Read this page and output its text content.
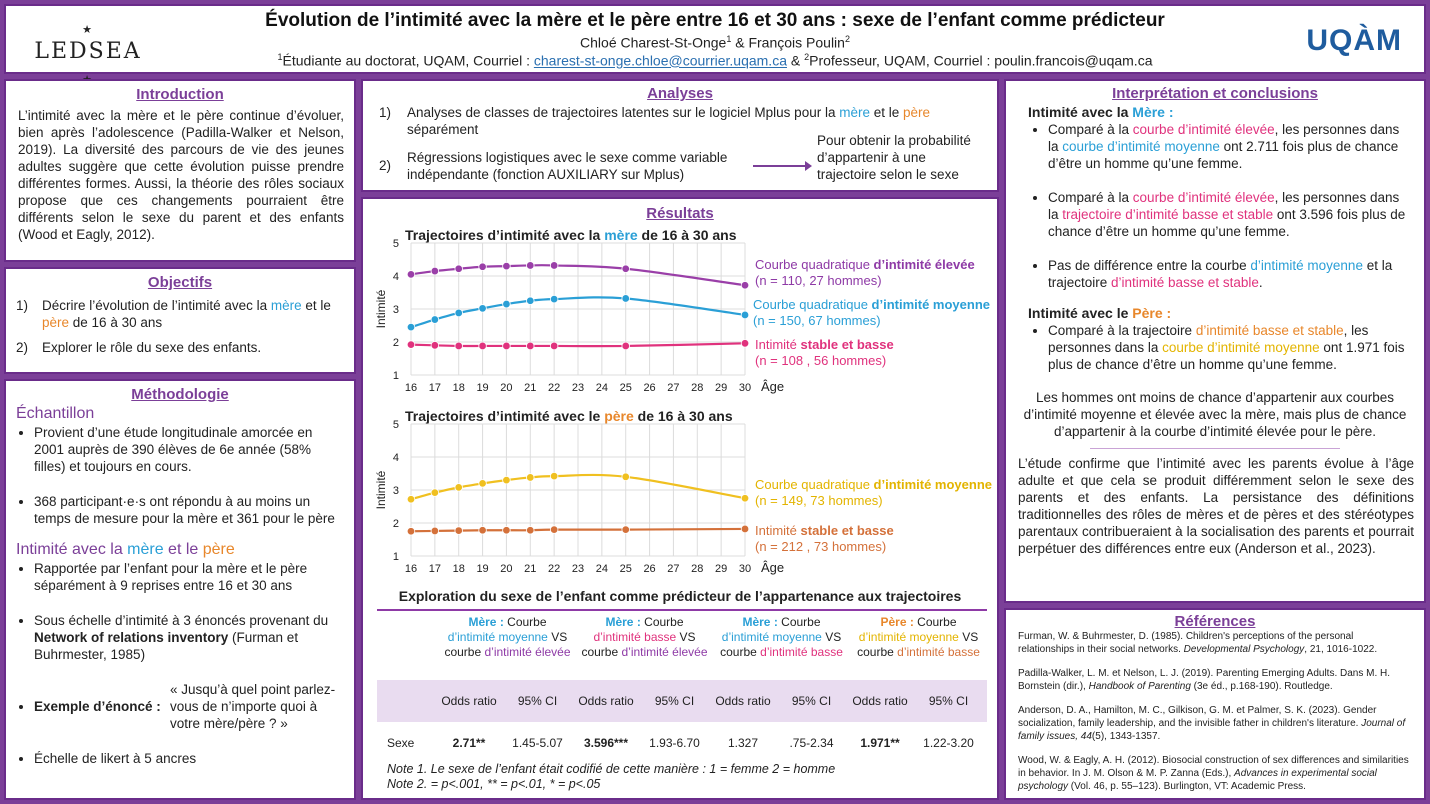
★ LEDSEA
Évolution de l’intimité avec la mère et le père entre 16 et 30 ans : sexe de l’enfant comme prédicteur
Chloé Charest-St-Onge$^1$ & François Poulin$^2$
$^1$Étudiante au doctorat, UQAM, Courriel : charest-st-onge.chloe@courrier.uqam.ca & $^2$Professeur, UQAM, Courriel : poulin.francois@uqam.ca
UQÀM
Introduction
L’intimité avec la mère et le père continue d’évoluer, bien après l’adolescence (Padilla-Walker et Nelson, 2019). La diversité des parcours de vie des jeunes adultes suggère que cette évolution puisse prendre différentes formes. Aussi, la théorie des rôles sociaux propose que ces changements pourraient être différents selon le sexe du parent et des enfants (Wood et Eagly, 2012).
Objectifs
1)	Décrire l’évolution de l’intimité avec la mère et le père de 16 à 30 ans
2)	Explorer le rôle du sexe des enfants.
Méthodologie
Échantillon
• Provient d’une étude longitudinale amorcée en 2001 auprès de 390 élèves de 6e année (58% filles) et toujours en cours.
• 368 participant·e·s ont répondu à au moins un temps de mesure pour la mère et 361 pour le père
Intimité avec la mère et le père
• Rapportée par l’enfant pour la mère et le père séparément à 9 reprises entre 16 et 30 ans
• Sous échelle d’intimité à 3 énoncés provenant du Network of relations inventory (Furman et Buhrmester, 1985)
• Exemple d’énoncé :
« Jusqu’à quel point parlez-vous de n’importe quoi à votre mère/père ? »
• Échelle de likert à 5 ancres
Analyses
1)	Analyses de classes de trajectoires latentes sur le logiciel Mplus pour la mère et le père séparément
2)
Régressions logistiques avec le sexe comme variable indépendante (fonction AUXILIARY sur Mplus)
Pour obtenir la probabilité d’appartenir à une trajectoire selon le sexe
Résultats
Trajectoires d’intimité avec la mère de 16 à 30 ans
1
2
3
4
5
16 17 18 19 20 21 22 23 24 25 26 27 28 29 30 Âge
Intimité
Courbe quadratique d’intimité élevée (n = 110, 27 hommes)
Courbe quadratique d’intimité moyenne (n = 150, 67 hommes)
Intimité stable et basse
(n = 108 , 56 hommes)
Trajectoires d’intimité avec le père de 16 à 30 ans
1
2
3
4
5
16 17 18 19 20 21 22 23 24 25 26 27 28 29 30 Âge
Intimité	Courbe quadratique d’intimité moyenne (n = 149, 73 hommes)
Intimité stable et basse
(n = 212 , 73 hommes)
Exploration du sexe de l’enfant comme prédicteur de l’appartenance aux trajectoires
Mère : Courbe
d’intimité moyenne VS courbe d’intimité élevée
Mère : Courbe
d’intimité basse VS courbe d’intimité élevée
Mère : Courbe
d’intimité moyenne VS courbe d’intimité basse
Père : Courbe
d’intimité moyenne VS courbe d’intimité basse
Odds ratio	95% CI	Odds ratio	95% CI	Odds ratio	95% CI	Odds ratio	95% CI
Sexe	2.71**	1.45-5.07	3.596***	1.93-6.70	1.327	.75-2.34	1.971**	1.22-3.20
Note 1. Le sexe de l’enfant était codifié de cette manière : 1 = femme 2 = homme
Note 2. = p<.001, ** = p<.01, * = p<.05
Interprétation et conclusions
Intimité avec la Mère :
• Comparé à la courbe d’intimité élevée, les personnes dans la courbe d’intimité moyenne ont 2.711 fois plus de chance d’être un homme qu’une femme.
• Comparé à la courbe d’intimité élevée, les personnes dans la trajectoire d’intimité basse et stable ont 3.596 fois plus de chance d’être un homme qu’une femme.
• Pas de différence entre la courbe d’intimité moyenne et la trajectoire d’intimité basse et stable.
Intimité avec le Père :
• Comparé à la trajectoire d’intimité basse et stable, les personnes dans la courbe d’intimité moyenne ont 1.971 fois plus de chance d’être un homme qu’une femme.
Les hommes ont moins de chance d’appartenir aux courbes d’intimité moyenne et élevée avec la mère, mais plus de chance d’appartenir à la courbe d’intimité élevée pour le père.
L’étude confirme que l’intimité avec les parents évolue à l’âge adulte et que cela se produit différemment selon le sexe des parents et des enfants. La persistance des définitions traditionnelles des rôles de mères et de pères et des stéréotypes parentaux contribueraient à la socialisation des parents et pourrait perpétuer des différences entre eux (Anderson et al., 2023).
Références
Furman, W. & Buhrmester, D. (1985). Children's perceptions of the personal relationships in their social networks. Developmental Psychology, 21, 1016-1022.
Padilla-Walker, L. M. et Nelson, L. J. (2019). Parenting Emerging Adults. Dans M. H. Bornstein (dir.), Handbook of Parenting (3e éd., p.168-190). Routledge.
Anderson, D. A., Hamilton, M. C., Gilkison, G. M. et Palmer, S. K. (2023). Gender socialization, family leadership, and the invisible father in children's literature. Journal of family issues, 44(5), 1343-1357.
Wood, W. & Eagly, A. H. (2012). Biosocial construction of sex differences and similarities in behavior. In J. M. Olson & M. P. Zanna (Eds.), Advances in experimental social psychology (Vol. 46, p. 55–123). Burlington, VT: Academic Press.
